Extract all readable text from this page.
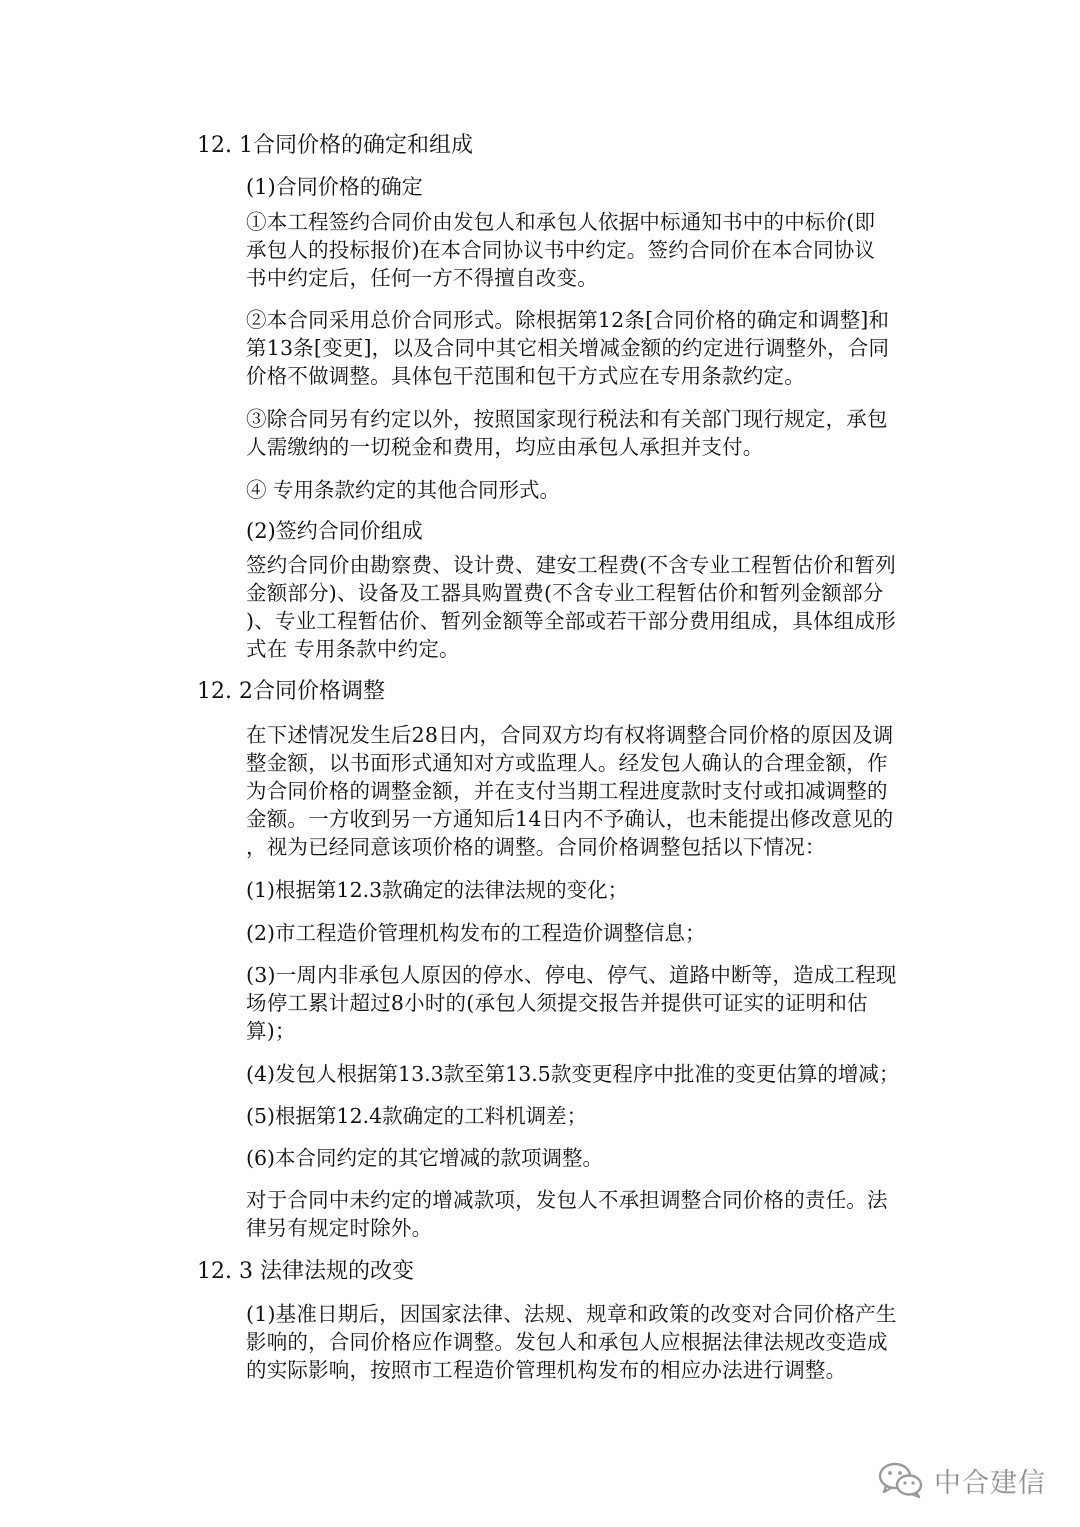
12. 1合同价格的确定和组成

(1)合同价格的确定

①本工程签约合同价由发包人和承包人依据中标通知书中的中标价(即
承包人的投标报价)在本合同协议书中约定。签约合同价在本合同协议
书中约定后，任何一方不得擅自改变。
②本合同采用总价合同形式。除根据第12条[合同价格的确定和调整]和
第13条[变更]，以及合同中其它相关增减金额的约定进行调整外，合同
价格不做调整。具体包干范围和包干方式应在专用条款约定。
③除合同另有约定以外，按照国家现行税法和有关部门现行规定，承包
人需缴纳的一切税金和费用，均应由承包人承担并支付。

④ 专用条款约定的其他合同形式。

(2)签约合同价组成

签约合同价由勘察费、设计费、建安工程费(不含专业工程暂估价和暂列
金额部分)、设备及工器具购置费(不含专业工程暂估价和暂列金额部分
)、专业工程暂估价、暂列金额等全部或若干部分费用组成，具体组成形
式在 专用条款中约定。

12. 2合同价格调整

在下述情况发生后28日内，合同双方均有权将调整合同价格的原因及调
整金额，以书面形式通知对方或监理人。经发包人确认的合理金额，作
为合同价格的调整金额，并在支付当期工程进度款时支付或扣减调整的
金额。一方收到另一方通知后14日内不予确认，也未能提出修改意见的
，视为已经同意该项价格的调整。合同价格调整包括以下情况：

(1)根据第12.3款确定的法律法规的变化；

(2)市工程造价管理机构发布的工程造价调整信息；

(3)一周内非承包人原因的停水、停电、停气、道路中断等，造成工程现
场停工累计超过8小时的(承包人须提交报告并提供可证实的证明和估
算)；

(4)发包人根据第13.3款至第13.5款变更程序中批准的变更估算的增减；

(5)根据第12.4款确定的工料机调差；

(6)本合同约定的其它增减的款项调整。

对于合同中未约定的增减款项，发包人不承担调整合同价格的责任。法
律另有规定时除外。

12. 3 法律法规的改变

(1)基准日期后，因国家法律、法规、规章和政策的改变对合同价格产生
影响的，合同价格应作调整。发包人和承包人应根据法律法规改变造成
的实际影响，按照市工程造价管理机构发布的相应办法进行调整。
中合建信
